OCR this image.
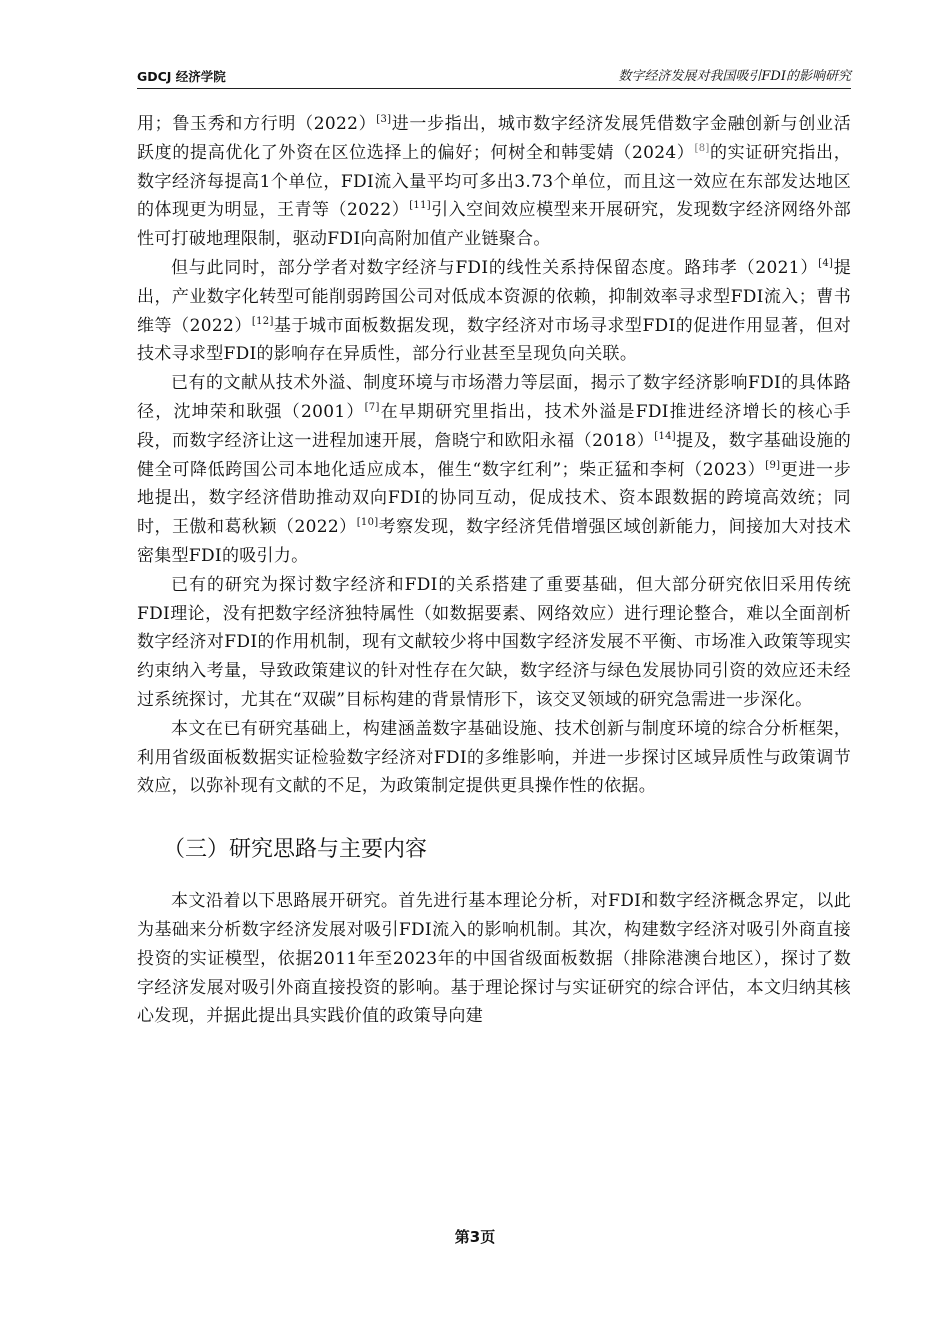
GDCJ 经济学院	数字经济发展对我国吸引FDI的影响研究

用；鲁玉秀和方行明（2022）[3]进一步指出，城市数字经济发展凭借数字金融创新与创业活跃度的提高优化了外资在区位选择上的偏好；何树全和韩雯婧（2024）[8]的实证研究指出，数字经济每提高1个单位，FDI流入量平均可多出3.73个单位，而且这一效应在东部发达地区的体现更为明显，王青等（2022）[11]引入空间效应模型来开展研究，发现数字经济网络外部性可打破地理限制，驱动FDI向高附加值产业链聚合。

但与此同时，部分学者对数字经济与FDI的线性关系持保留态度。路玮孝（2021）[4]提出，产业数字化转型可能削弱跨国公司对低成本资源的依赖，抑制效率寻求型FDI流入；曹书维等（2022）[12]基于城市面板数据发现，数字经济对市场寻求型FDI的促进作用显著，但对技术寻求型FDI的影响存在异质性，部分行业甚至呈现负向关联。

已有的文献从技术外溢、制度环境与市场潜力等层面，揭示了数字经济影响FDI的具体路径，沈坤荣和耿强（2001）[7]在早期研究里指出，技术外溢是FDI推进经济增长的核心手段，而数字经济让这一进程加速开展，詹晓宁和欧阳永福（2018）[14]提及，数字基础设施的健全可降低跨国公司本地化适应成本，催生“数字红利”；柴正猛和李柯（2023）[9]更进一步地提出，数字经济借助推动双向FDI的协同互动，促成技术、资本跟数据的跨境高效统；同时，王傲和葛秋颖（2022）[10]考察发现，数字经济凭借增强区域创新能力，间接加大对技术密集型FDI的吸引力。

已有的研究为探讨数字经济和FDI的关系搭建了重要基础，但大部分研究依旧采用传统FDI理论，没有把数字经济独特属性（如数据要素、网络效应）进行理论整合，难以全面剖析数字经济对FDI的作用机制，现有文献较少将中国数字经济发展不平衡、市场准入政策等现实约束纳入考量，导致政策建议的针对性存在欠缺，数字经济与绿色发展协同引资的效应还未经过系统探讨，尤其在“双碳”目标构建的背景情形下，该交叉领域的研究急需进一步深化。

本文在已有研究基础上，构建涵盖数字基础设施、技术创新与制度环境的综合分析框架，利用省级面板数据实证检验数字经济对FDI的多维影响，并进一步探讨区域异质性与政策调节效应，以弥补现有文献的不足，为政策制定提供更具操作性的依据。

（三）研究思路与主要内容

本文沿着以下思路展开研究。首先进行基本理论分析，对FDI和数字经济概念界定，以此为基础来分析数字经济发展对吸引FDI流入的影响机制。其次，构建数字经济对吸引外商直接投资的实证模型，依据2011年至2023年的中国省级面板数据（排除港澳台地区），探讨了数字经济发展对吸引外商直接投资的影响。基于理论探讨与实证研究的综合评估，本文归纳其核心发现，并据此提出具实践价值的政策导向建

第3页
